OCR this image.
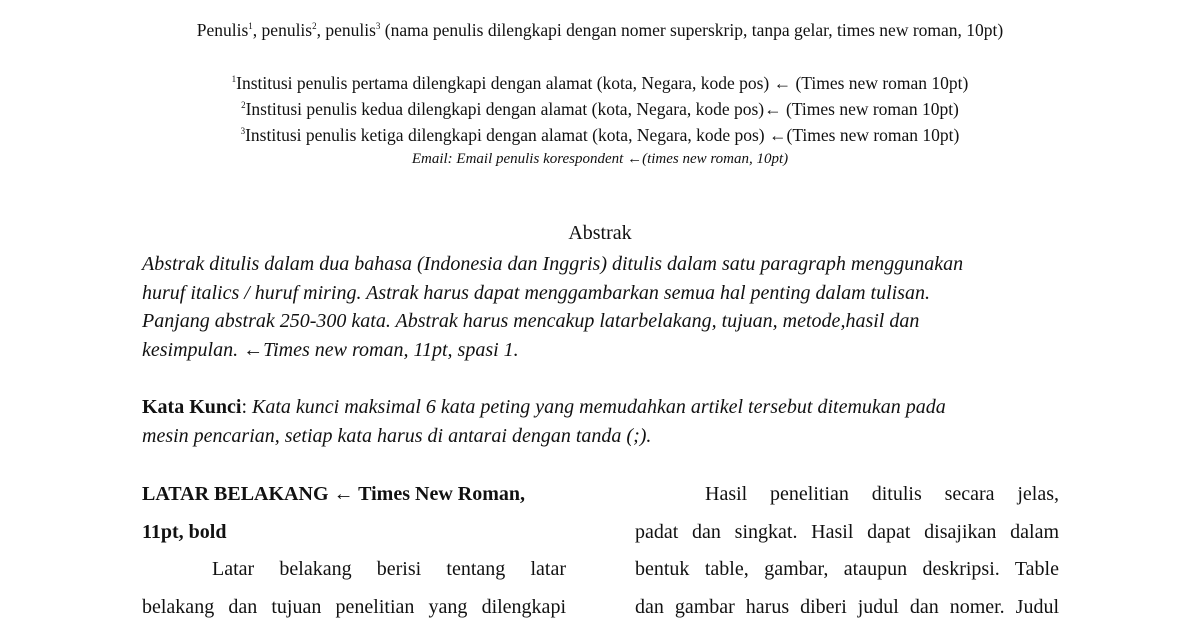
Penulis$^1$, penulis$^2$, penulis$^3$ (nama penulis dilengkapi dengan nomer superskrip, tanpa gelar, times new roman, 10pt)
$^1$Institusi penulis pertama dilengkapi dengan alamat (kota, Negara, kode pos) ← (Times new roman 10pt)
$^2$Institusi penulis kedua dilengkapi dengan alamat (kota, Negara, kode pos)← (Times new roman 10pt)
$^3$Institusi penulis ketiga dilengkapi dengan alamat (kota, Negara, kode pos) ←(Times new roman 10pt)
Email: Email penulis korespondent ←(times new roman, 10pt)
Abstrak
Abstrak ditulis dalam dua bahasa (Indonesia dan Inggris) ditulis dalam satu paragraph menggunakan
huruf italics / huruf miring. Astrak harus dapat menggambarkan semua hal penting dalam tulisan.
Panjang abstrak 250-300 kata. Abstrak harus mencakup latarbelakang, tujuan, metode,hasil dan
kesimpulan. ←Times new roman, 11pt, spasi 1.
Kata Kunci: Kata kunci maksimal 6 kata peting yang memudahkan artikel tersebut ditemukan pada
mesin pencarian, setiap kata harus di antarai dengan tanda (;).
LATAR BELAKANG ← Times New Roman,
11pt, bold
Latar belakang berisi tentang latar
belakang dan tujuan penelitian yang dilengkapi
Hasil penelitian ditulis secara jelas,
padat dan singkat. Hasil dapat disajikan dalam
bentuk table, gambar, ataupun deskripsi. Table
dan gambar harus diberi judul dan nomer. Judul
